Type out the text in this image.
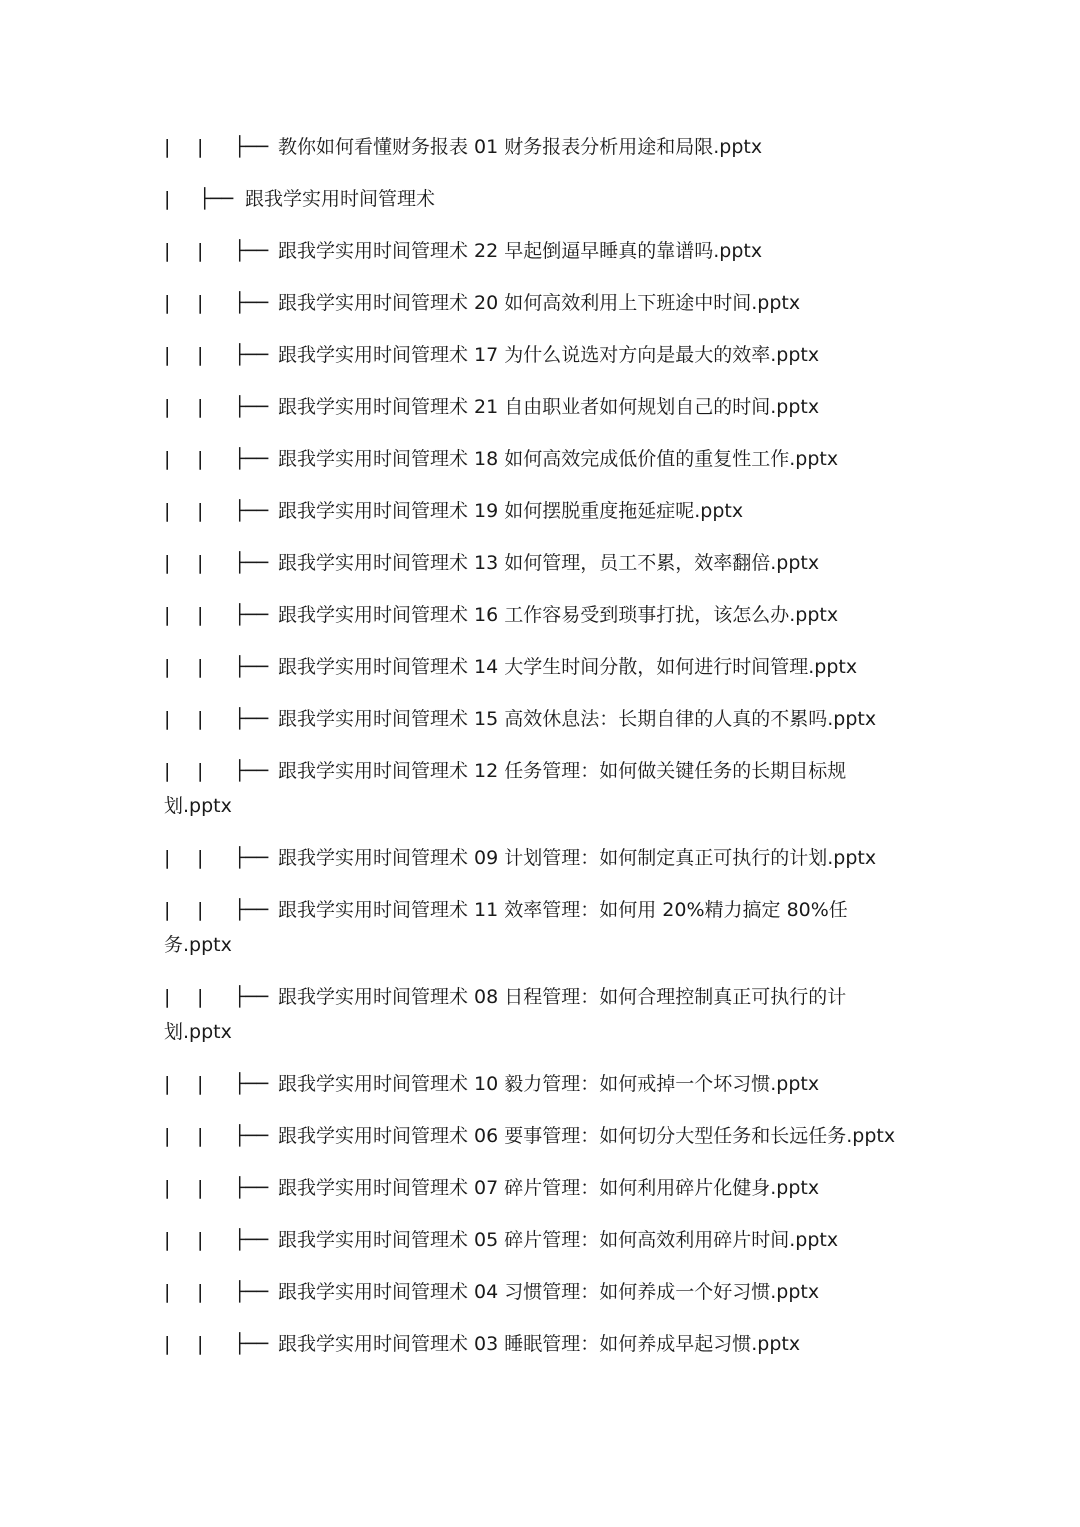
| | ├── 教你如何看懂财务报表 01 财务报表分析用途和局限.pptx
| ├── 跟我学实用时间管理术
| | ├── 跟我学实用时间管理术 22 早起倒逼早睡真的靠谱吗.pptx
| | ├── 跟我学实用时间管理术 20 如何高效利用上下班途中时间.pptx
| | ├── 跟我学实用时间管理术 17 为什么说选对方向是最大的效率.pptx
| | ├── 跟我学实用时间管理术 21 自由职业者如何规划自己的时间.pptx
| | ├── 跟我学实用时间管理术 18 如何高效完成低价值的重复性工作.pptx
| | ├── 跟我学实用时间管理术 19 如何摆脱重度拖延症呢.pptx
| | ├── 跟我学实用时间管理术 13 如何管理，员工不累，效率翻倍.pptx
| | ├── 跟我学实用时间管理术 16 工作容易受到琐事打扰，该怎么办.pptx
| | ├── 跟我学实用时间管理术 14 大学生时间分散，如何进行时间管理.pptx
| | ├── 跟我学实用时间管理术 15 高效休息法：长期自律的人真的不累吗.pptx
| | ├── 跟我学实用时间管理术 12 任务管理：如何做关键任务的长期目标规
划.pptx
| | ├── 跟我学实用时间管理术 09 计划管理：如何制定真正可执行的计划.pptx
| | ├── 跟我学实用时间管理术 11 效率管理：如何用 20%精力搞定 80%任
务.pptx
| | ├── 跟我学实用时间管理术 08 日程管理：如何合理控制真正可执行的计
划.pptx
| | ├── 跟我学实用时间管理术 10 毅力管理：如何戒掉一个坏习惯.pptx
| | ├── 跟我学实用时间管理术 06 要事管理：如何切分大型任务和长远任务.pptx
| | ├── 跟我学实用时间管理术 07 碎片管理：如何利用碎片化健身.pptx
| | ├── 跟我学实用时间管理术 05 碎片管理：如何高效利用碎片时间.pptx
| | ├── 跟我学实用时间管理术 04 习惯管理：如何养成一个好习惯.pptx
| | ├── 跟我学实用时间管理术 03 睡眠管理：如何养成早起习惯.pptx
